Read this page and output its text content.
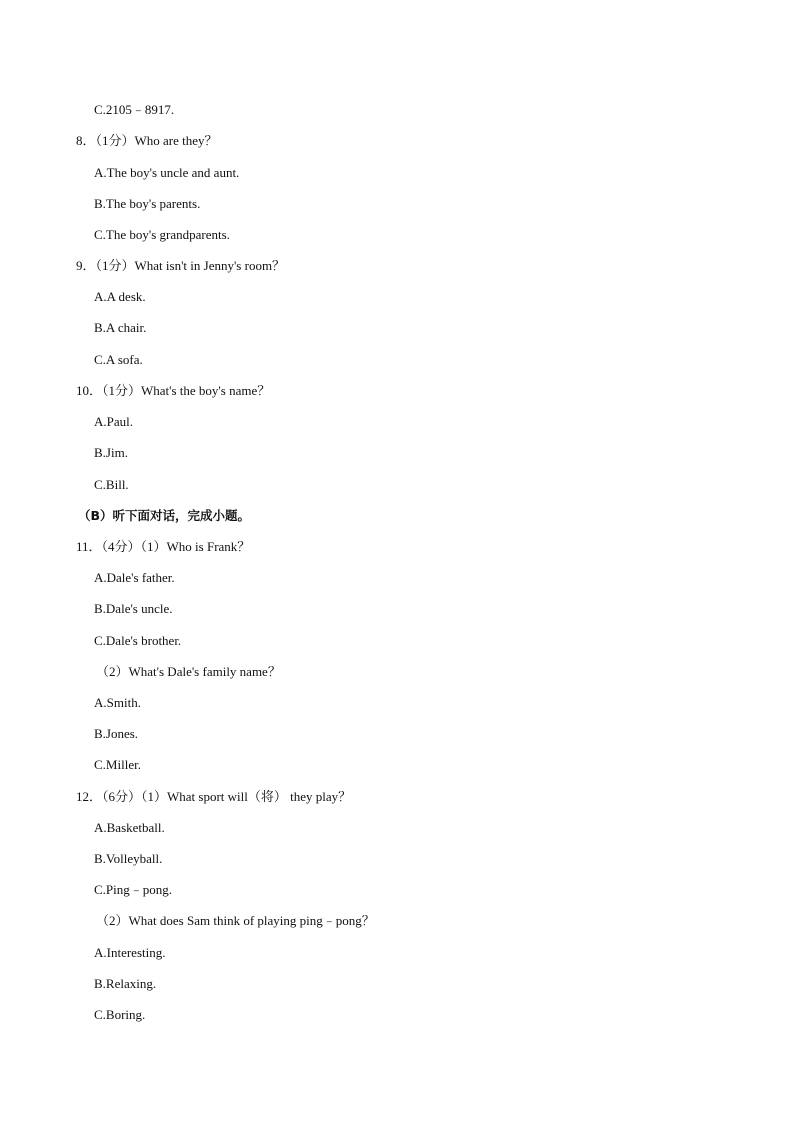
C.2105﹣8917.
8．（1分）Who are they？
A.The boy's uncle and aunt.
B.The boy's parents.
C.The boy's grandparents.
9．（1分）What isn't in Jenny's room？
A.A desk.
B.A chair.
C.A sofa.
10．（1分）What's the boy's name？
A.Paul.
B.Jim.
C.Bill.
（B）听下面对话，完成小题。
11．（4分）（1）Who is Frank？
A.Dale's father.
B.Dale's uncle.
C.Dale's brother.
（2）What's Dale's family name？
A.Smith.
B.Jones.
C.Miller.
12．（6分）（1）What sport will（将） they play？
A.Basketball.
B.Volleyball.
C.Ping﹣pong.
（2）What does Sam think of playing ping﹣pong？
A.Interesting.
B.Relaxing.
C.Boring.
